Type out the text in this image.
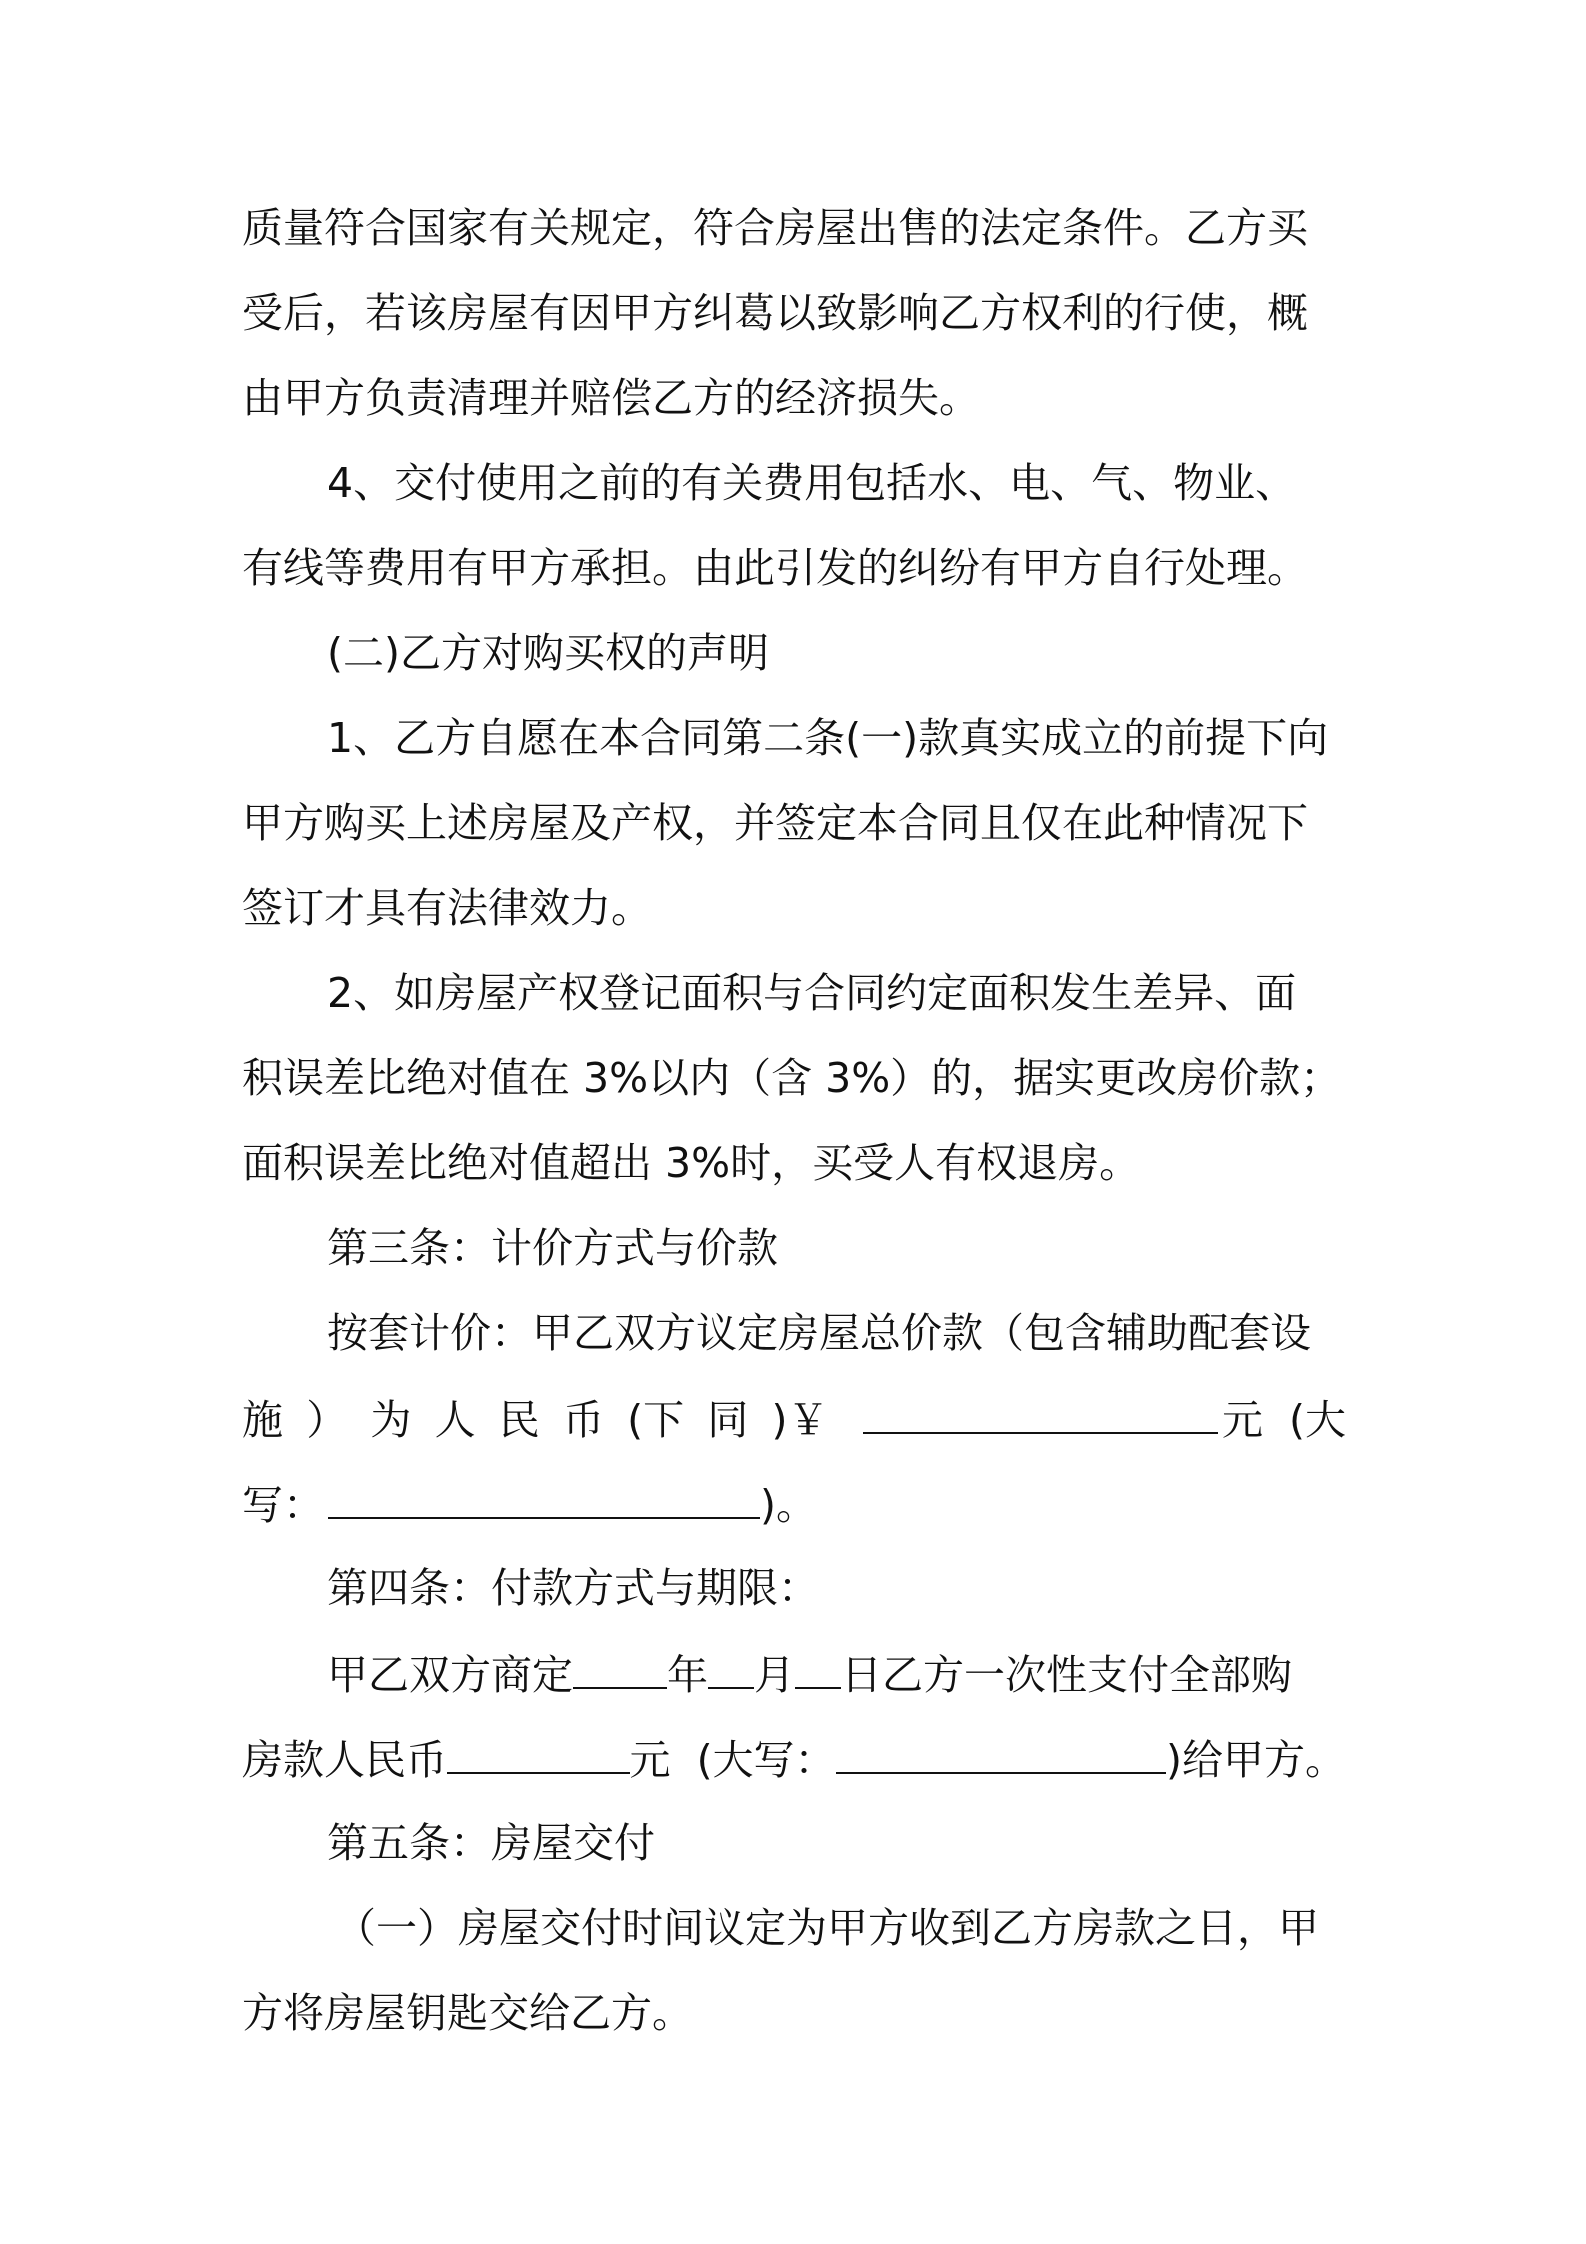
质量符合国家有关规定，符合房屋出售的法定条件。乙方买
受后，若该房屋有因甲方纠葛以致影响乙方权利的行使，概
由甲方负责清理并赔偿乙方的经济损失。
4、交付使用之前的有关费用包括水、电、气、物业、
有线等费用有甲方承担。由此引发的纠纷有甲方自行处理。
(二)乙方对购买权的声明
1、乙方自愿在本合同第二条(一)款真实成立的前提下向
甲方购买上述房屋及产权，并签定本合同且仅在此种情况下
签订才具有法律效力。
2、如房屋产权登记面积与合同约定面积发生差异、面
积误差比绝对值在 3%以内（含 3%）的，据实更改房价款；
面积误差比绝对值超出 3%时，买受人有权退房。
第三条：计价方式与价款
按套计价：甲乙双方议定房屋总价款（包含辅助配套设
施 ） 为 人 民 币 (下 同 )￥	元 (大
写：	)。
第四条：付款方式与期限：
甲乙双方商定 年 月 日乙方一次性支付全部购
房款人民币	元  (大写：	)给甲方。
第五条：房屋交付
（一）房屋交付时间议定为甲方收到乙方房款之日，甲
方将房屋钥匙交给乙方。
